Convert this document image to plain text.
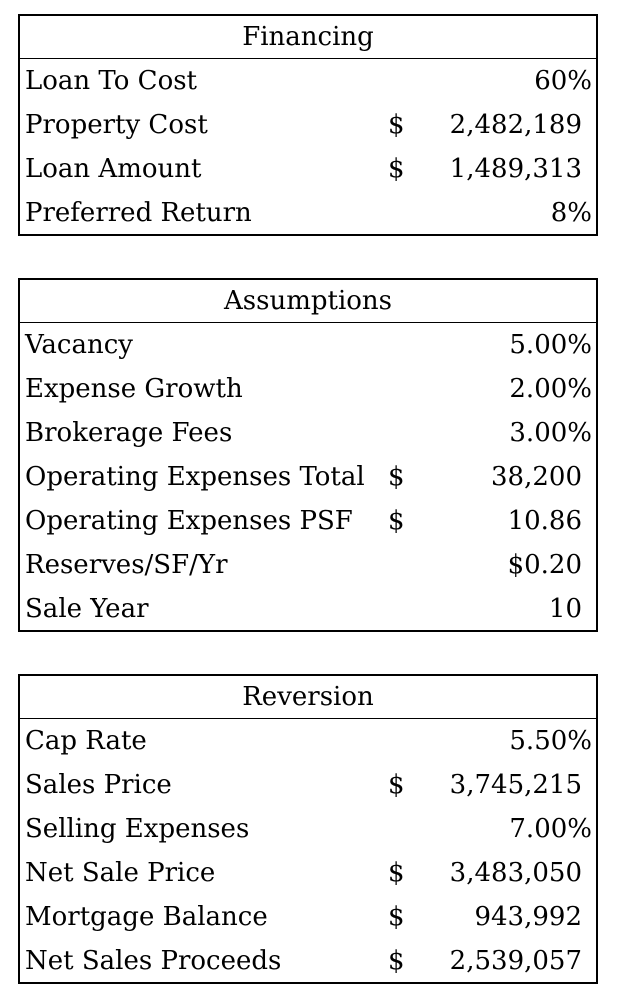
Financing
Loan To Cost	60%
Property Cost	$ 2,482,189
Loan Amount	$ 1,489,313
Preferred Return	8%
Assumptions
Vacancy	5.00%
Expense Growth	2.00%
Brokerage Fees	3.00%
Operating Expenses Total $	38,200
Operating Expenses PSF $	10.86
Reserves/SF/Yr	$0.20
Sale Year	10
Reversion
Cap Rate	5.50%
Sales Price	$ 3,745,215
Selling Expenses	7.00%
Net Sale Price	$ 3,483,050
Mortgage Balance	$	943,992
Net Sales Proceeds	$ 2,539,057
